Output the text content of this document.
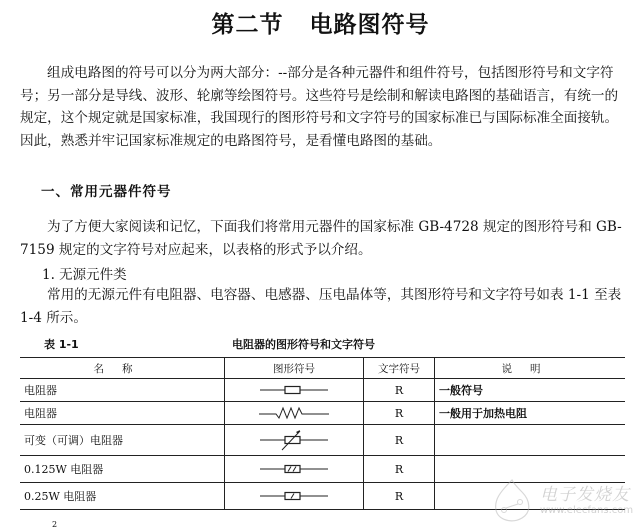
第二节 电路图符号
组成电路图的符号可以分为两大部分：--部分是各种元器件和组件符号，包括图形符号和文字符号；另一部分是导线、波形、轮廓等绘图符号。这些符号是绘制和解读电路图的基础语言，有统一的规定，这个规定就是国家标准，我国现行的图形符号和文字符号的国家标准已与国际标准全面接轨。因此，熟悉并牢记国家标准规定的电路图符号，是看懂电路图的基础。
一、常用元器件符号
为了方便大家阅读和记忆，下面我们将常用元器件的国家标准 GB-4728 规定的图形符号和 GB-7159 规定的文字符号对应起来，以表格的形式予以介绍。
1. 无源元件类
常用的无源元件有电阻器、电容器、电感器、压电晶体等，其图形符号和文字符号如表 1-1 至表 1-4 所示。
表 1-1	电阻器的图形符号和文字符号
名称	图形符号	文字符号	说明
电阻器		R	一般符号
电阻器		R	一般用于加热电阻
可变（可调）电阻器		R	
0.125W 电阻器		R	
0.25W 电阻器		R		电子发烧友
www.elecfans.com
2
